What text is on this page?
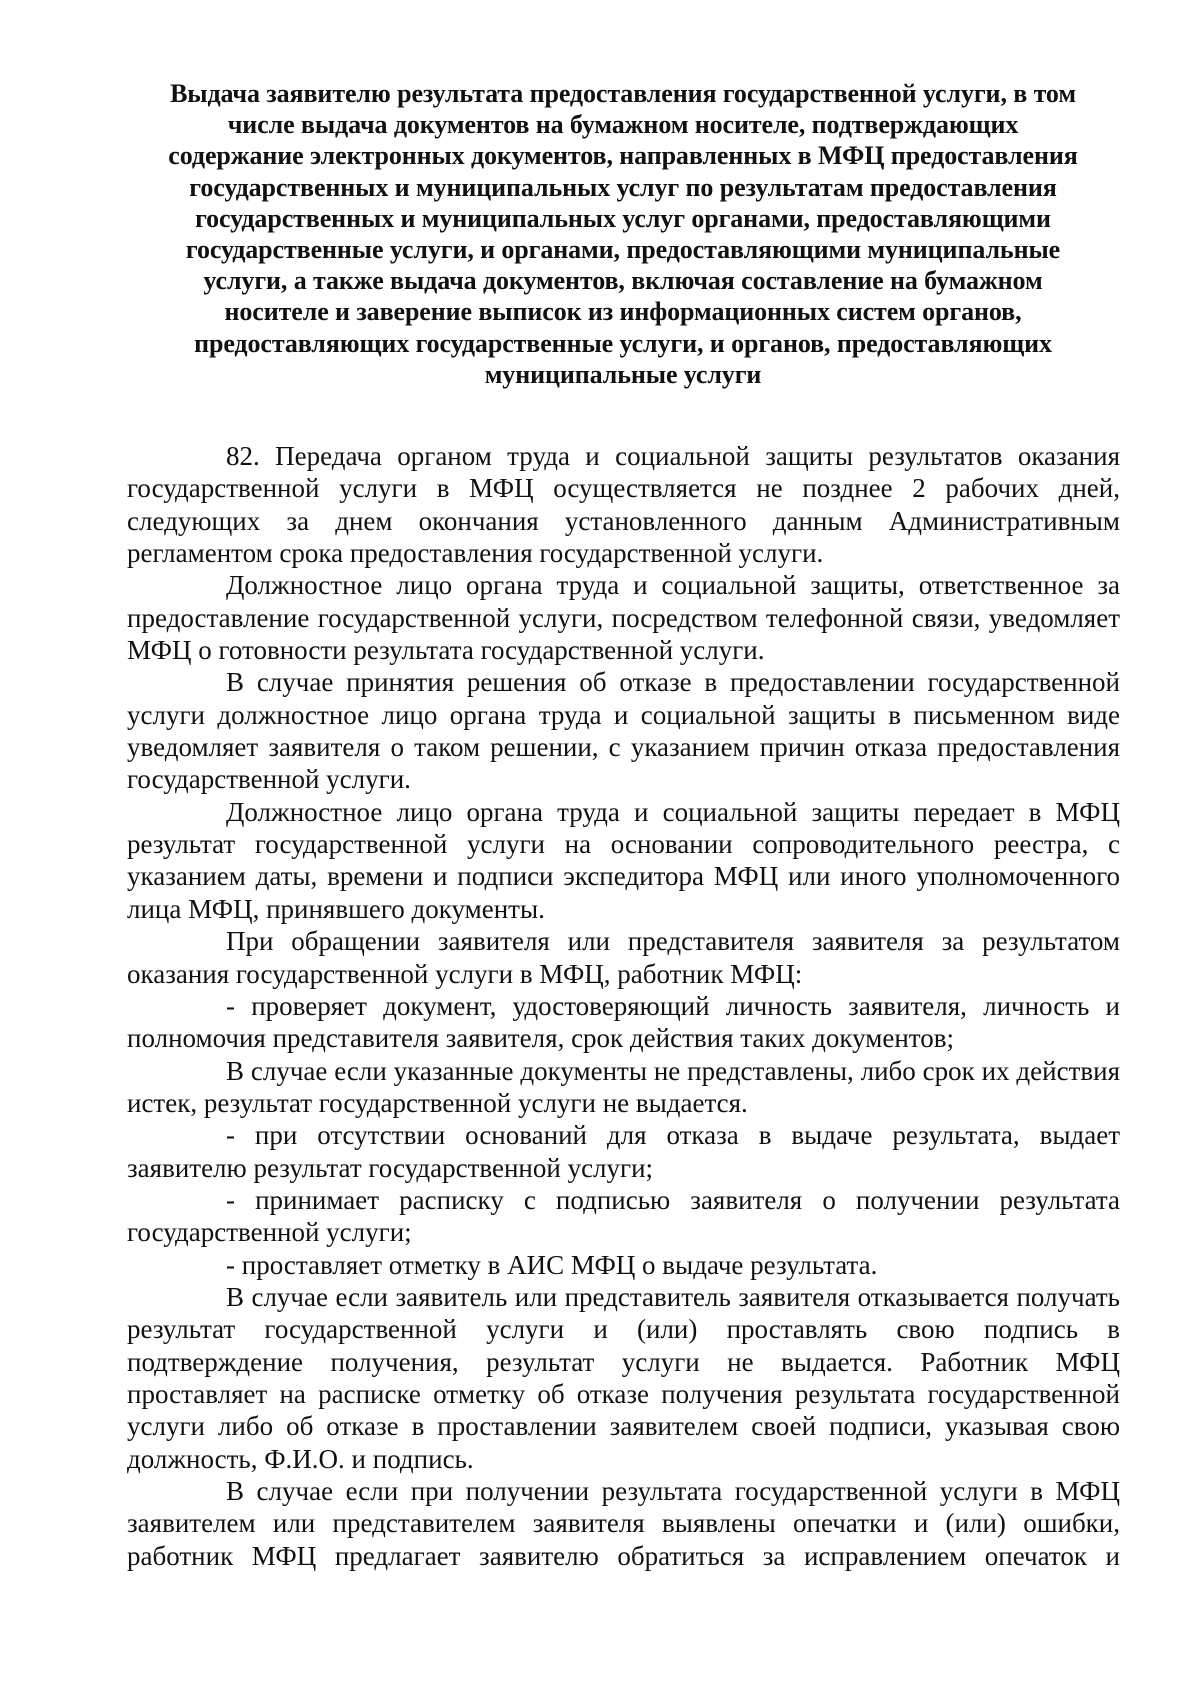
Выдача заявителю результата предоставления государственной услуги, в том
числе выдача документов на бумажном носителе, подтверждающих
содержание электронных документов, направленных в МФЦ предоставления
государственных и муниципальных услуг по результатам предоставления
государственных и муниципальных услуг органами, предоставляющими
государственные услуги, и органами, предоставляющими муниципальные
услуги, а также выдача документов, включая составление на бумажном
носителе и заверение выписок из информационных систем органов,
предоставляющих государственные услуги, и органов, предоставляющих
муниципальные услуги

82. Передача органом труда и социальной защиты результатов оказания государственной услуги в МФЦ осуществляется не позднее 2 рабочих дней, следующих за днем окончания установленного данным Административным регламентом срока предоставления государственной услуги.

Должностное лицо органа труда и социальной защиты, ответственное за предоставление государственной услуги, посредством телефонной связи, уведомляет МФЦ о готовности результата государственной услуги.

В случае принятия решения об отказе в предоставлении государственной услуги должностное лицо органа труда и социальной защиты в письменном виде уведомляет заявителя о таком решении, с указанием причин отказа предоставления государственной услуги.

Должностное лицо органа труда и социальной защиты передает в МФЦ результат государственной услуги на основании сопроводительного реестра, с указанием даты, времени и подписи экспедитора МФЦ или иного уполномоченного лица МФЦ, принявшего документы.

При обращении заявителя или представителя заявителя за результатом оказания государственной услуги в МФЦ, работник МФЦ:

- проверяет документ, удостоверяющий личность заявителя, личность и полномочия представителя заявителя, срок действия таких документов;

В случае если указанные документы не представлены, либо срок их действия истек, результат государственной услуги не выдается.

- при отсутствии оснований для отказа в выдаче результата, выдает заявителю результат государственной услуги;

- принимает расписку с подписью заявителя о получении результата государственной услуги;

- проставляет отметку в АИС МФЦ о выдаче результата.

В случае если заявитель или представитель заявителя отказывается получать результат государственной услуги и (или) проставлять свою подпись в подтверждение получения, результат услуги не выдается. Работник МФЦ проставляет на расписке отметку об отказе получения результата государственной услуги либо об отказе в проставлении заявителем своей подписи, указывая свою должность, Ф.И.О. и подпись.

В случае если при получении результата государственной услуги в МФЦ заявителем или представителем заявителя выявлены опечатки и (или) ошибки, работник МФЦ предлагает заявителю обратиться за исправлением опечаток и
